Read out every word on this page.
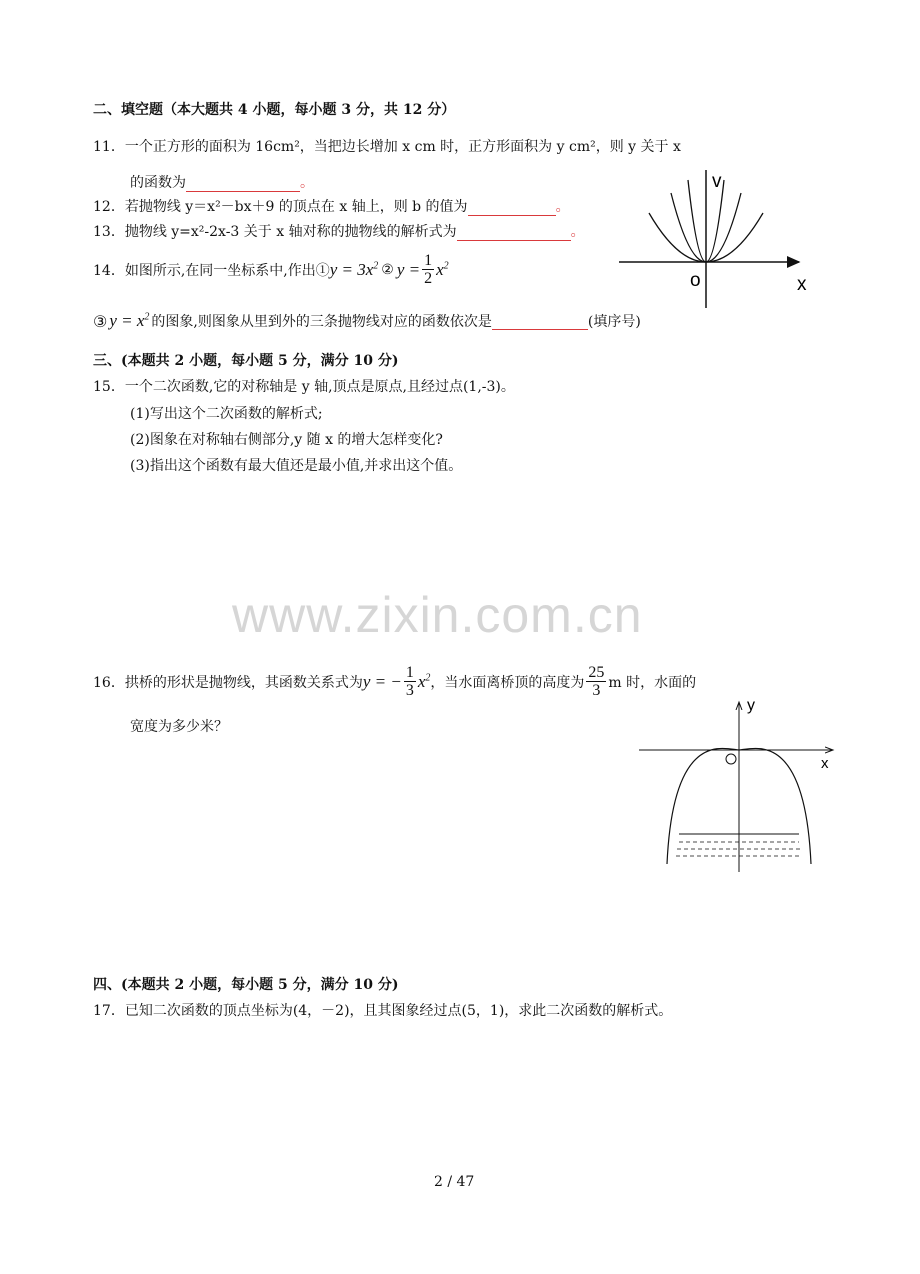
二、填空题（本大题共 4 小题，每小题 3 分，共 12 分）
11．一个正方形的面积为 16cm²，当把边长增加 x cm 时，正方形面积为 y cm²，则 y 关于 x
的函数为	。
12．若抛物线 y＝x²－bx＋9 的顶点在 x 轴上，则 b 的值为	。
13．抛物线 y=x²-2x-3 关于 x 轴对称的抛物线的解析式为	。
14．如图所示,在同一坐标系中,作出① $y = 3x^2$ ② $y = \frac{1}{2} x^2$
③ $y = x^2$ 的图象,则图象从里到外的三条抛物线对应的函数依次是	(填序号)
v
o	x
三、(本题共 2 小题，每小题 5 分，满分 10 分)
15．一个二次函数,它的对称轴是 y 轴,顶点是原点,且经过点(1,-3)。
(1)写出这个二次函数的解析式;
(2)图象在对称轴右侧部分,y 随 x 的增大怎样变化?
(3)指出这个函数有最大值还是最小值,并求出这个值。
www.zixin.com.cn
16．拱桥的形状是抛物线，其函数关系式为 y = − $\frac{1}{3} x^2$ ，当水面离桥顶的高度为 $\frac{25}{3}$ m 时，水面的
宽度为多少米？
y
O	x
四、(本题共 2 小题，每小题 5 分，满分 10 分)
17．已知二次函数的顶点坐标为(4，－2)，且其图象经过点(5，1)，求此二次函数的解析式。
2 / 47
